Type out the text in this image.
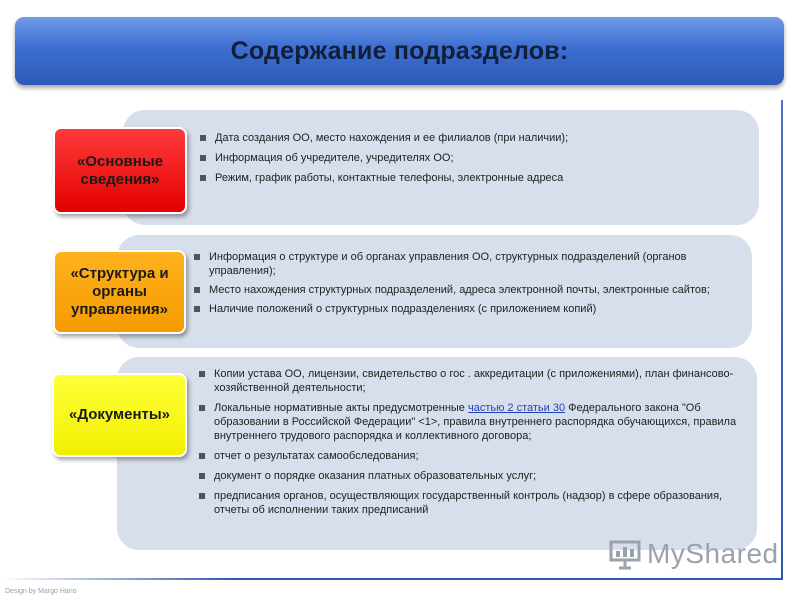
Содержание подразделов:
Дата создания ОО, место нахождения и ее филиалов (при наличии);
Информация об учредителе, учредителях ОО;
Режим, график работы, контактные телефоны, электронные адреса
«Основные сведения»
Информация о структуре и об органах управления ОО, структурных подразделений (органов управления);
Место нахождения структурных подразделений, адреса электронной почты, электронные сайтов;
Наличие положений о структурных подразделениях (с приложением копий)
«Структура и органы управления»
Копии устава ОО, лицензии, свидетельство о гос . аккредитации (с приложениями), план финансово-хозяйственной деятельности;
Локальные нормативные акты предусмотренные частью 2 статьи 30 Федерального закона "Об образовании в Российской Федерации" <1>, правила внутреннего распорядка обучающихся, правила внутреннего трудового распорядка и коллективного договора;
отчет о результатах самообследования;
документ о порядке оказания платных образовательных услуг;
предписания органов, осуществляющих государственный контроль (надзор) в сфере образования, отчеты об исполнении таких предписаний
«Документы»
MyShared
Design by Margo Hario
